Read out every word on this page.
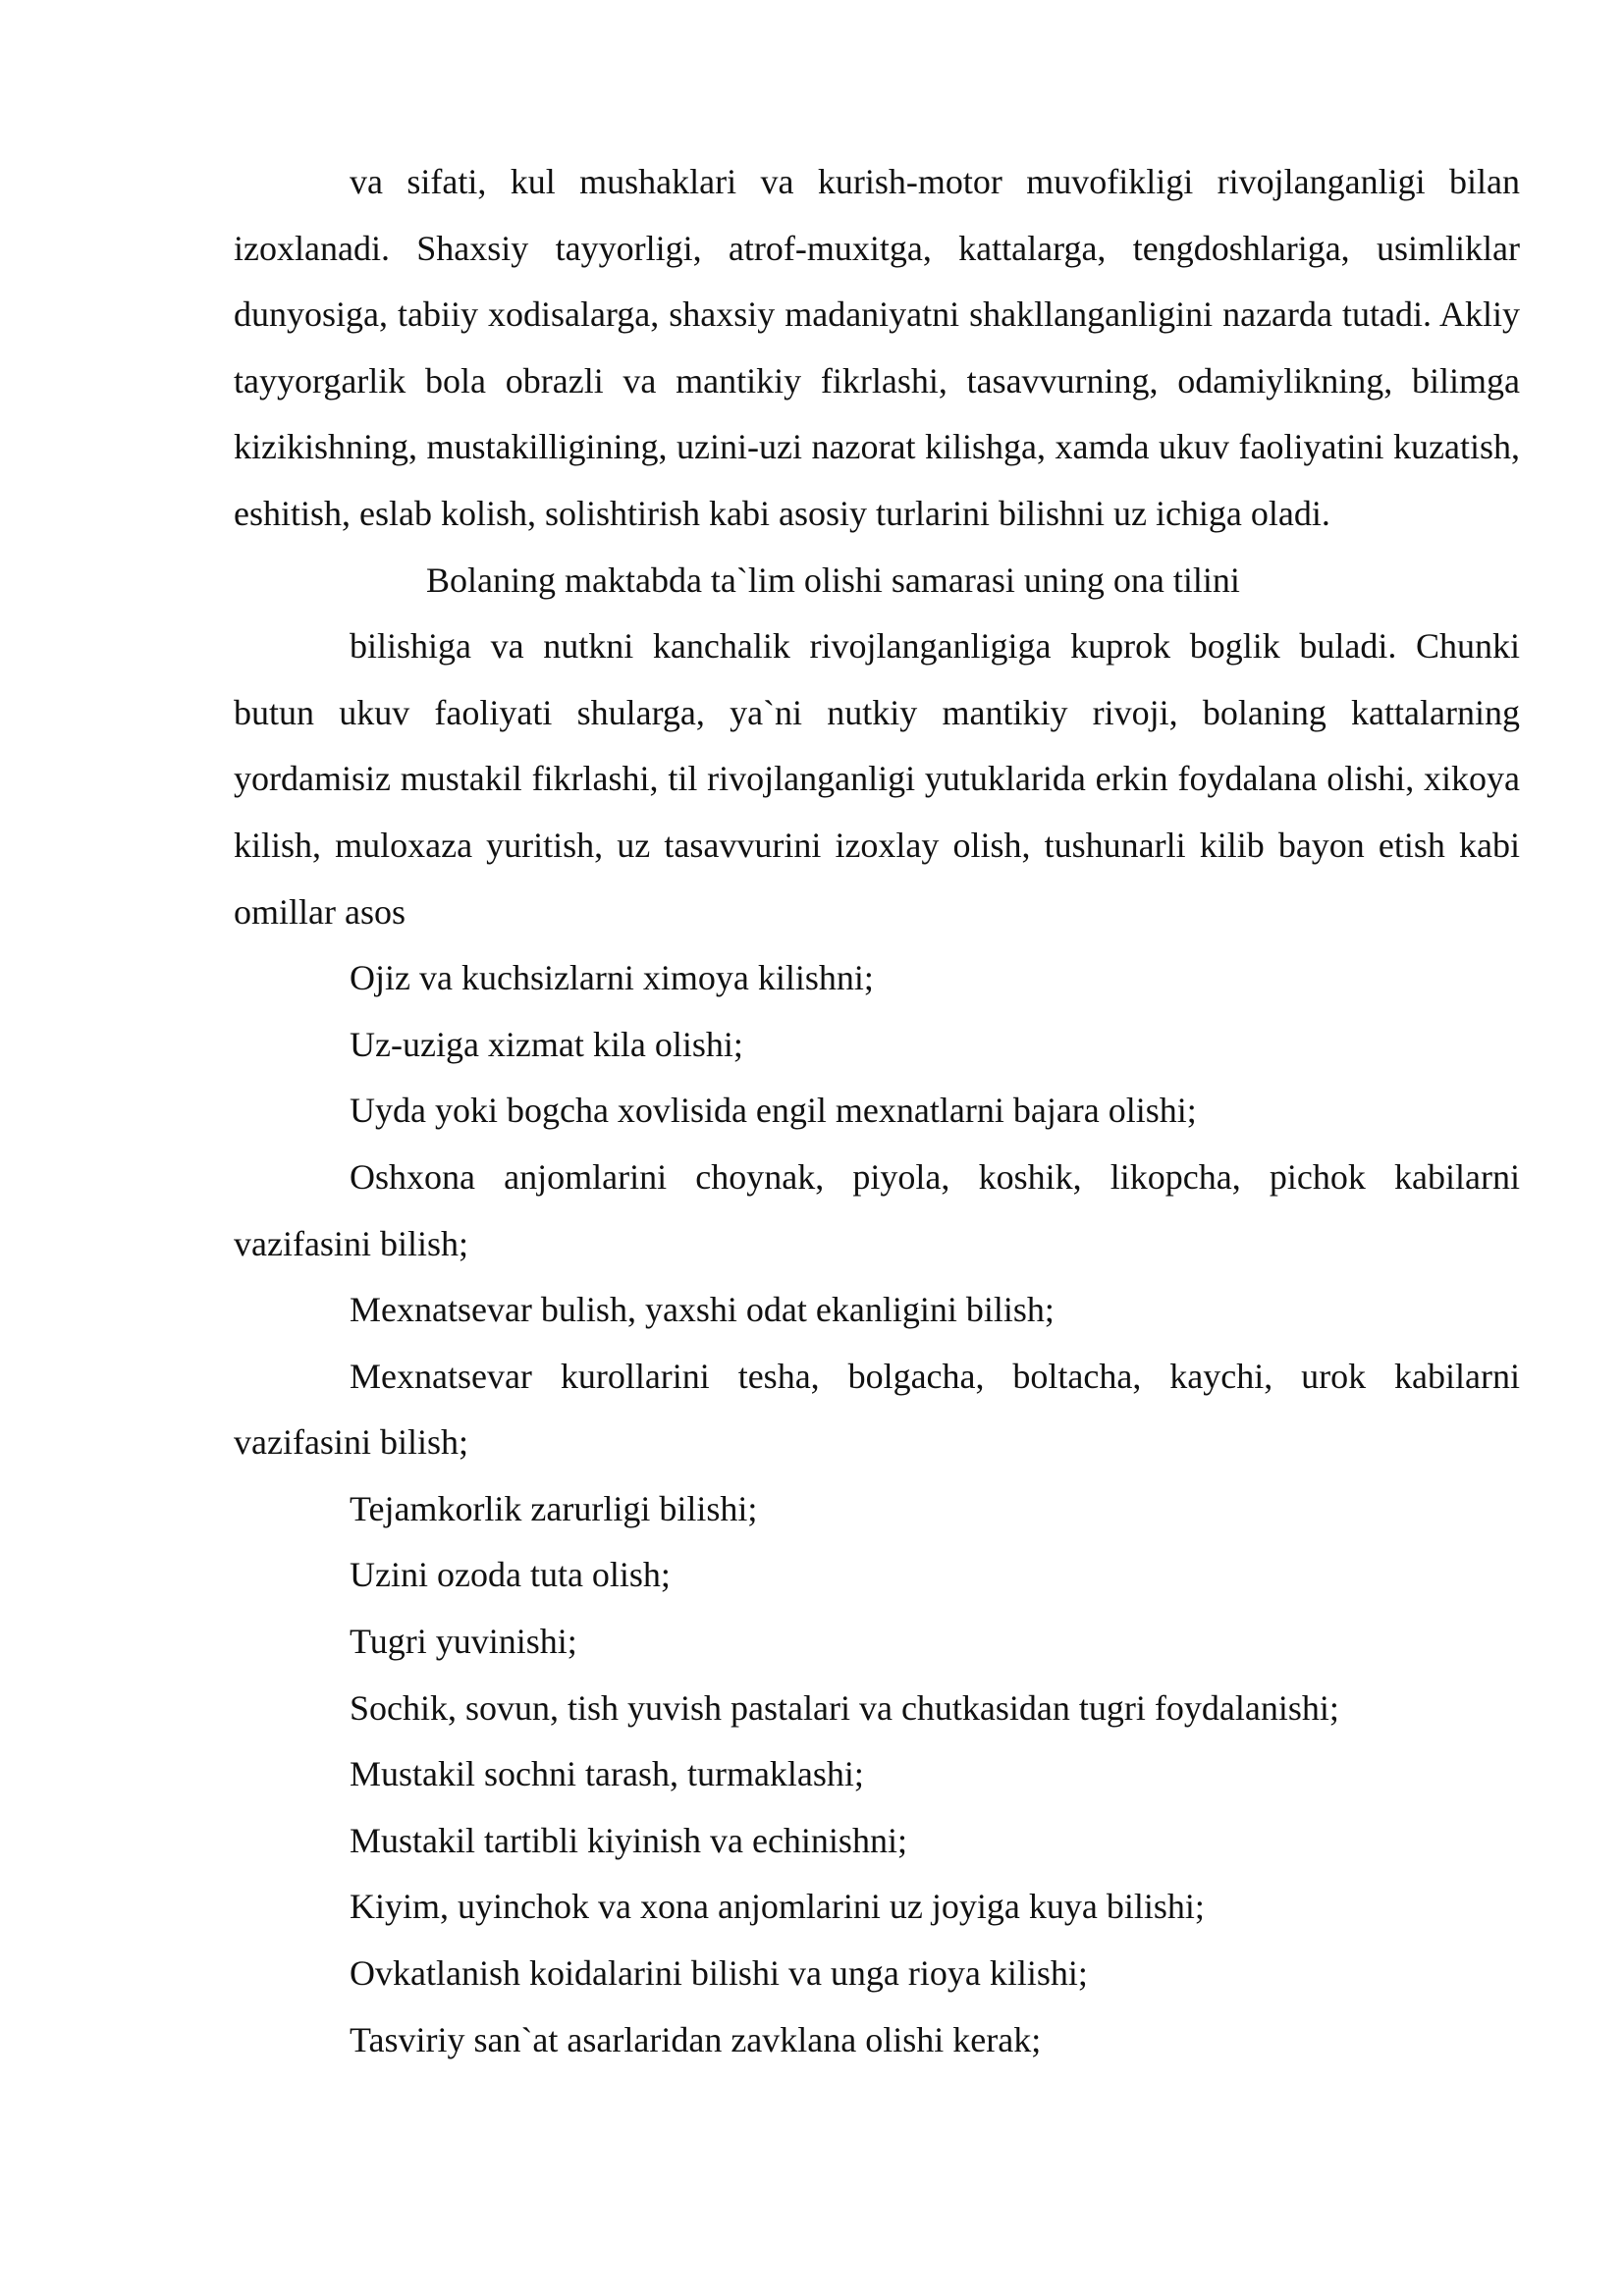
va sifati, kul mushaklari va kurish-motor muvofikligi rivojlanganligi bilan izoxlanadi. Shaxsiy tayyorligi, atrof-muxitga, kattalarga, tengdoshlariga, usimliklar dunyosiga, tabiiy xodisalarga, shaxsiy madaniyatni shakllanganligini nazarda tutadi. Akliy tayyorgarlik bola obrazli va mantikiy fikrlashi, tasavvurning, odamiylikning, bilimga kizikishning, mustakilligining, uzini-uzi nazorat kilishga, xamda ukuv faoliyatini kuzatish, eshitish, eslab kolish, solishtirish kabi asosiy turlarini bilishni uz ichiga oladi.

Bolaning maktabda ta`lim olishi samarasi uning ona tilini

bilishiga va nutkni kanchalik rivojlanganligiga kuprok boglik buladi. Chunki butun ukuv faoliyati shularga, ya`ni nutkiy mantikiy rivoji, bolaning kattalarning yordamisiz mustakil fikrlashi, til rivojlanganligi yutuklarida erkin foydalana olishi, xikoya kilish, muloxaza yuritish, uz tasavvurini izoxlay olish, tushunarli kilib bayon etish kabi omillar asos

Ojiz va kuchsizlarni ximoya kilishni;

Uz-uziga xizmat kila olishi;

Uyda yoki bogcha xovlisida engil mexnatlarni bajara olishi;

Oshxona anjomlarini choynak, piyola, koshik, likopcha, pichok kabilarni vazifasini bilish;

Mexnatsevar bulish, yaxshi odat ekanligini bilish;

Mexnatsevar kurollarini tesha, bolgacha, boltacha, kaychi, urok kabilarni vazifasini bilish;

Tejamkorlik zarurligi bilishi;

Uzini ozoda tuta olish;

Tugri yuvinishi;

Sochik, sovun, tish yuvish pastalari va chutkasidan tugri foydalanishi;

Mustakil sochni tarash, turmaklashi;

Mustakil tartibli kiyinish va echinishni;

Kiyim, uyinchok va xona anjomlarini uz joyiga kuya bilishi;

Ovkatlanish koidalarini bilishi va unga rioya kilishi;

Tasviriy san`at asarlaridan zavklana olishi kerak;
